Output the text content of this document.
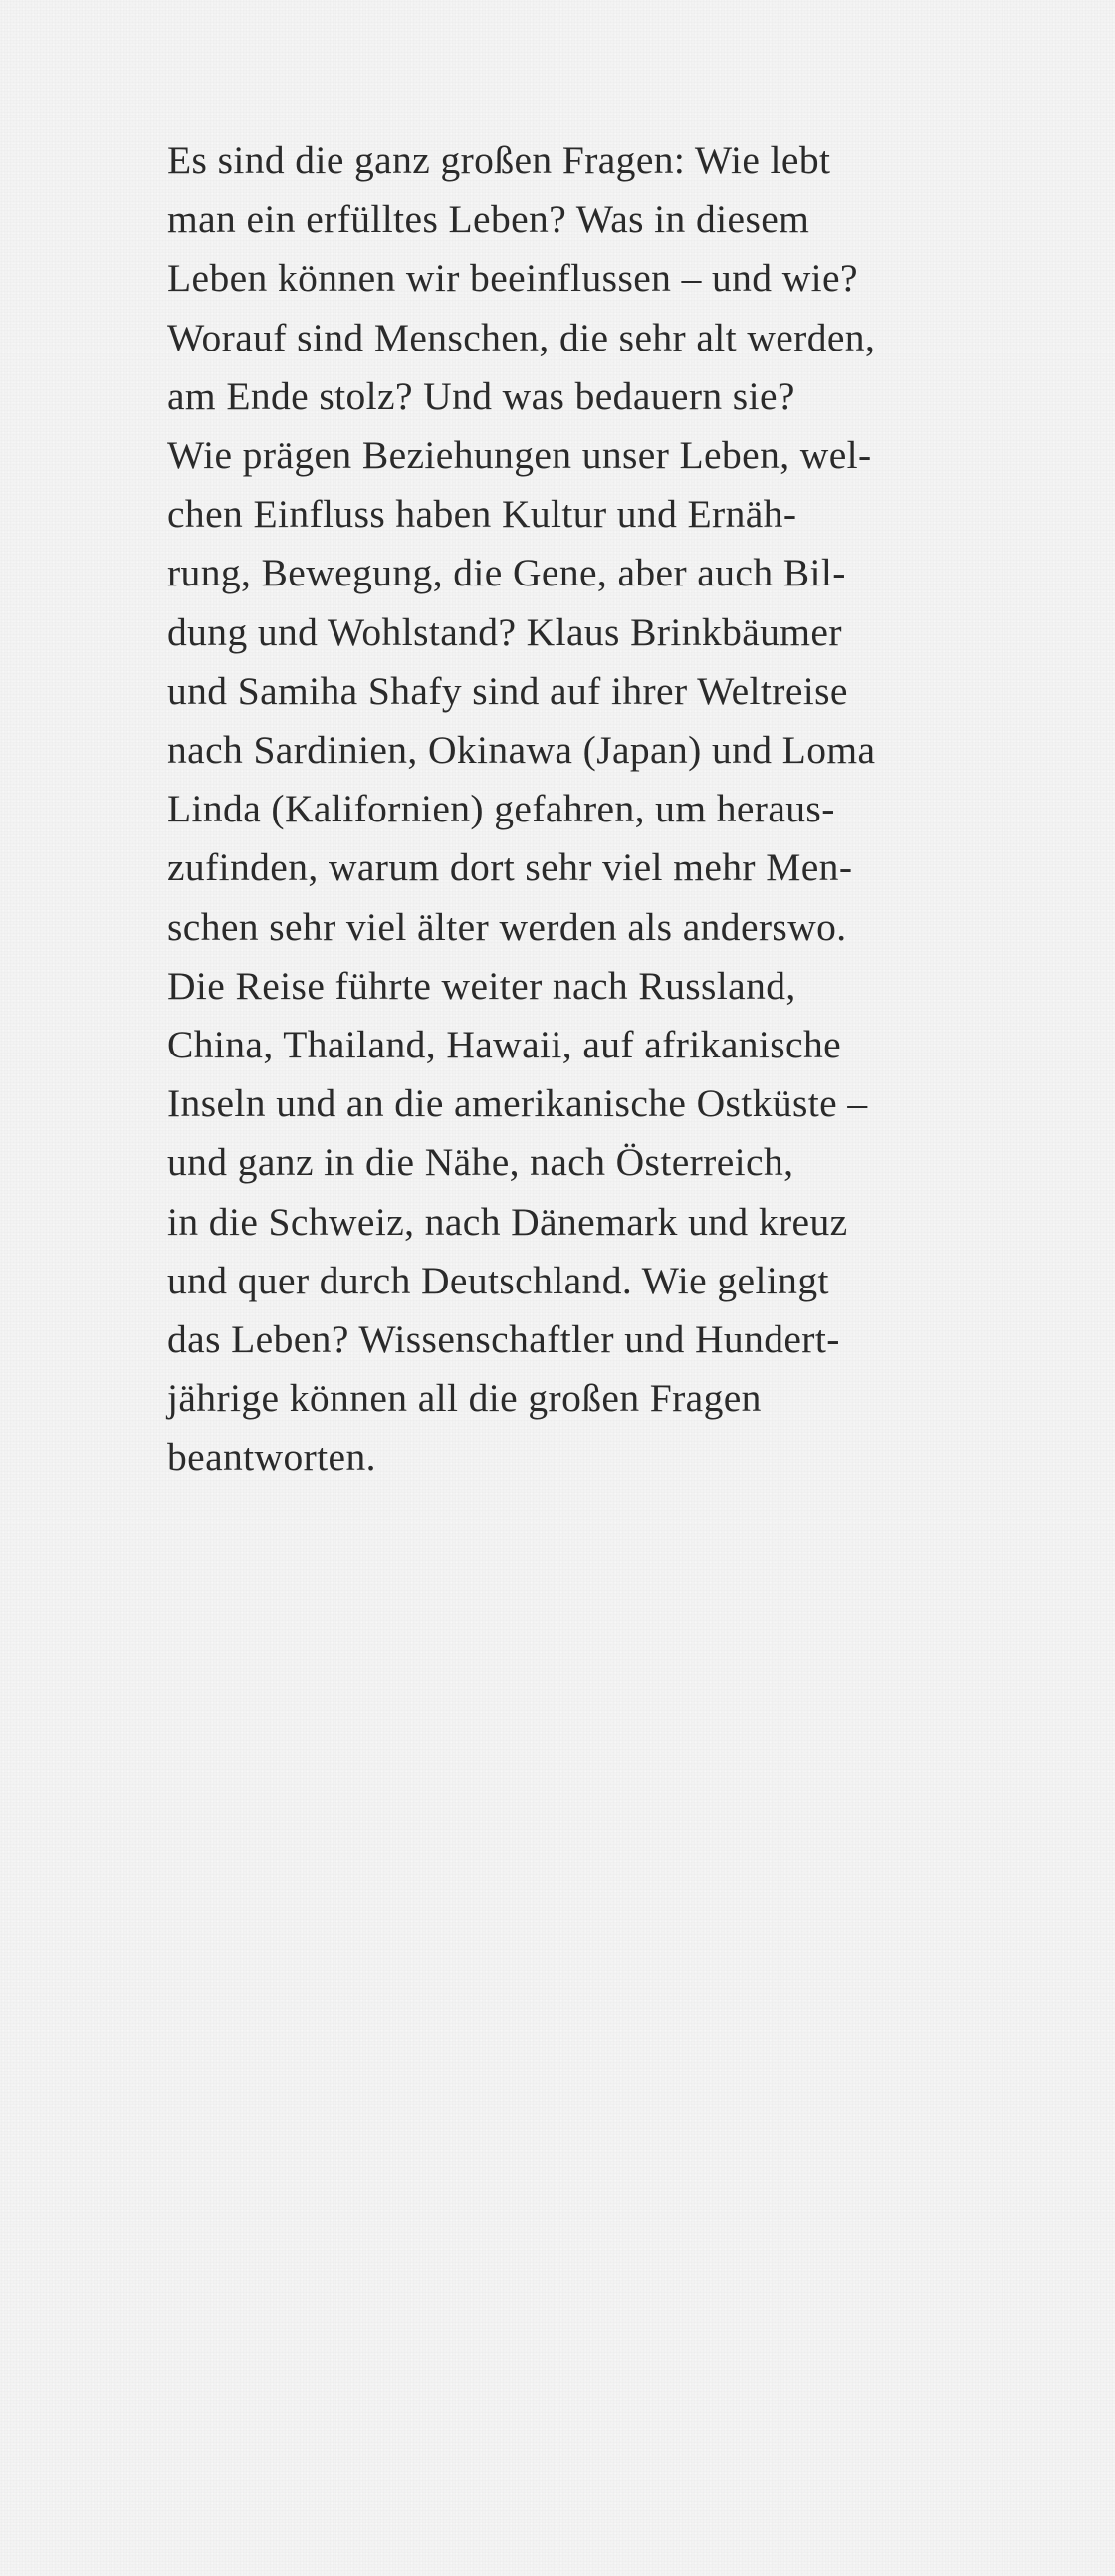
Es sind die ganz großen Fragen: Wie lebt
man ein erfülltes Leben? Was in diesem
Leben können wir beeinflussen – und wie?
Worauf sind Menschen, die sehr alt werden,
am Ende stolz? Und was bedauern sie?
Wie prägen Beziehungen unser Leben, wel-
chen Einfluss haben Kultur und Ernäh-
rung, Bewegung, die Gene, aber auch Bil-
dung und Wohlstand? Klaus Brinkbäumer
und Samiha Shafy sind auf ihrer Weltreise
nach Sardinien, Okinawa (Japan) und Loma
Linda (Kalifornien) gefahren, um heraus-
zufinden, warum dort sehr viel mehr Men-
schen sehr viel älter werden als anderswo.
Die Reise führte weiter nach Russland,
China, Thailand, Hawaii, auf afrikanische
Inseln und an die amerikanische Ostküste –
und ganz in die Nähe, nach Österreich,
in die Schweiz, nach Dänemark und kreuz
und quer durch Deutschland. Wie gelingt
das Leben? Wissenschaftler und Hundert-
jährige können all die großen Fragen
beantworten.
